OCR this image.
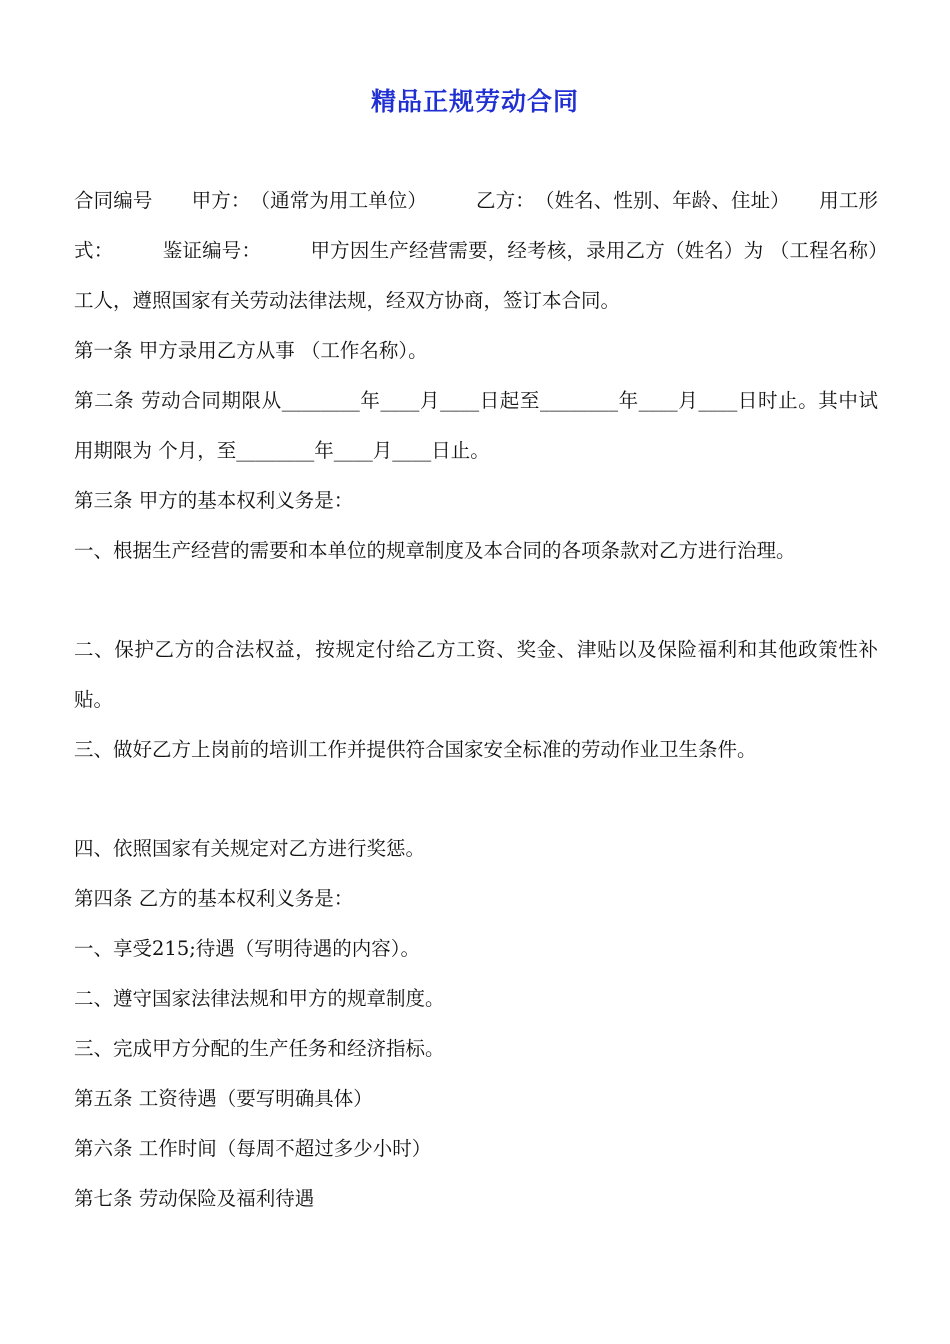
精品正规劳动合同

合同编号　　甲方：　（通常为用工单位）　　　乙方：　（姓名、性别、年龄、住址）　　用工形式：　　　鉴证编号：　　　甲方因生产经营需要，经考核，录用乙方（姓名）为 （工程名称）工人，遵照国家有关劳动法律法规，经双方协商，签订本合同。

第一条 甲方录用乙方从事 （工作名称）。

第二条 劳动合同期限从________年____月____日起至________年____月____日时止。其中试用期限为 个月，至________年____月____日止。

第三条 甲方的基本权利义务是：

一、根据生产经营的需要和本单位的规章制度及本合同的各项条款对乙方进行治理。

二、保护乙方的合法权益，按规定付给乙方工资、奖金、津贴以及保险福利和其他政策性补贴。

三、做好乙方上岗前的培训工作并提供符合国家安全标准的劳动作业卫生条件。

四、依照国家有关规定对乙方进行奖惩。

第四条 乙方的基本权利义务是：

一、享受215;待遇（写明待遇的内容）。

二、遵守国家法律法规和甲方的规章制度。

三、完成甲方分配的生产任务和经济指标。

第五条 工资待遇（要写明确具体）

第六条 工作时间（每周不超过多少小时）

第七条 劳动保险及福利待遇
